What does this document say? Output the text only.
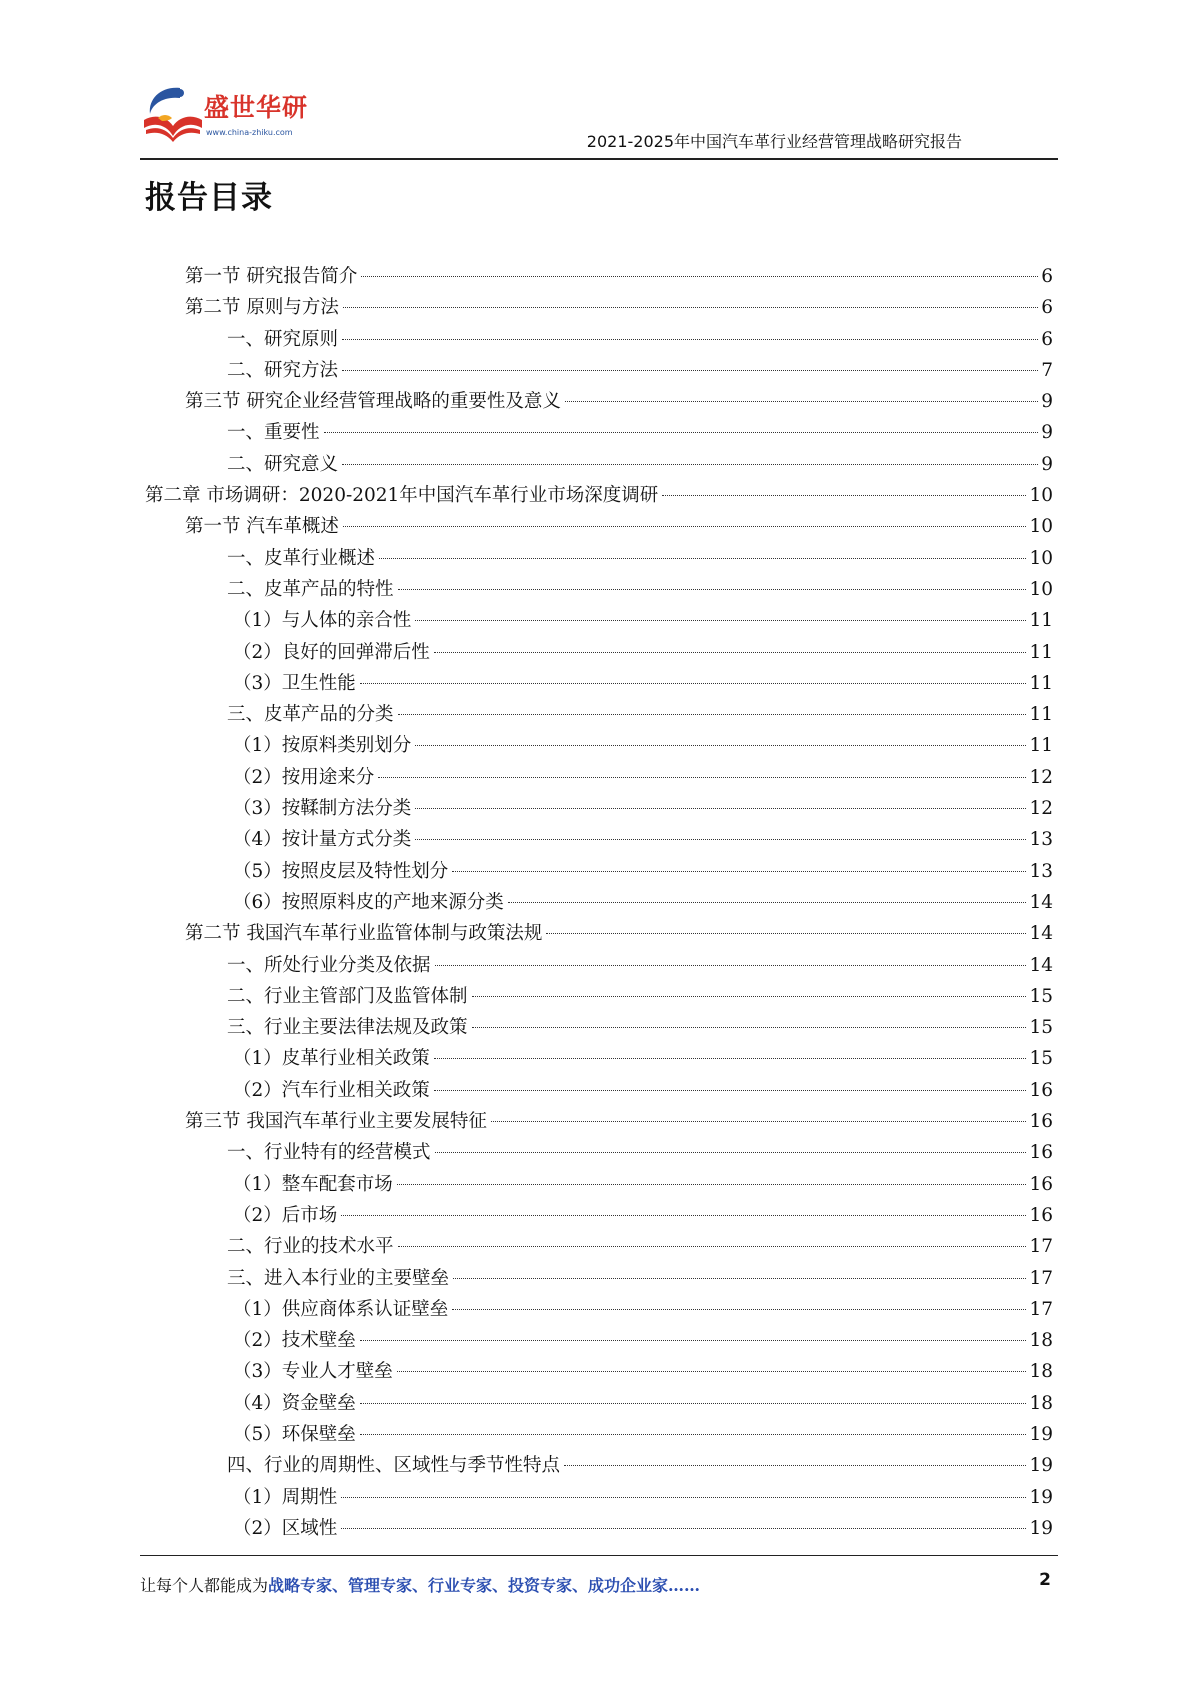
盛世华研
www.china-zhiku.com	2021-2025年中国汽车革行业经营管理战略研究报告
报告目录
第一节 研究报告简介	6
第二节 原则与方法	6
一、研究原则	6
二、研究方法	7
第三节 研究企业经营管理战略的重要性及意义	9
一、重要性	9
二、研究意义	9
第二章 市场调研：2020-2021年中国汽车革行业市场深度调研	10
第一节 汽车革概述	10
一、皮革行业概述	10
二、皮革产品的特性	10
（1）与人体的亲合性	11
（2）良好的回弹滞后性	11
（3）卫生性能	11
三、皮革产品的分类	11
（1）按原料类别划分	11
（2）按用途来分	12
（3）按鞣制方法分类	12
（4）按计量方式分类	13
（5）按照皮层及特性划分	13
（6）按照原料皮的产地来源分类	14
第二节 我国汽车革行业监管体制与政策法规	14
一、所处行业分类及依据	14
二、行业主管部门及监管体制	15
三、行业主要法律法规及政策	15
（1）皮革行业相关政策	15
（2）汽车行业相关政策	16
第三节 我国汽车革行业主要发展特征	16
一、行业特有的经营模式	16
（1）整车配套市场	16
（2）后市场	16
二、行业的技术水平	17
三、进入本行业的主要壁垒	17
（1）供应商体系认证壁垒	17
（2）技术壁垒	18
（3）专业人才壁垒	18
（4）资金壁垒	18
（5）环保壁垒	19
四、行业的周期性、区域性与季节性特点	19
（1）周期性	19
（2）区域性	19
让每个人都能成为战略专家、管理专家、行业专家、投资专家、成功企业家……	2
